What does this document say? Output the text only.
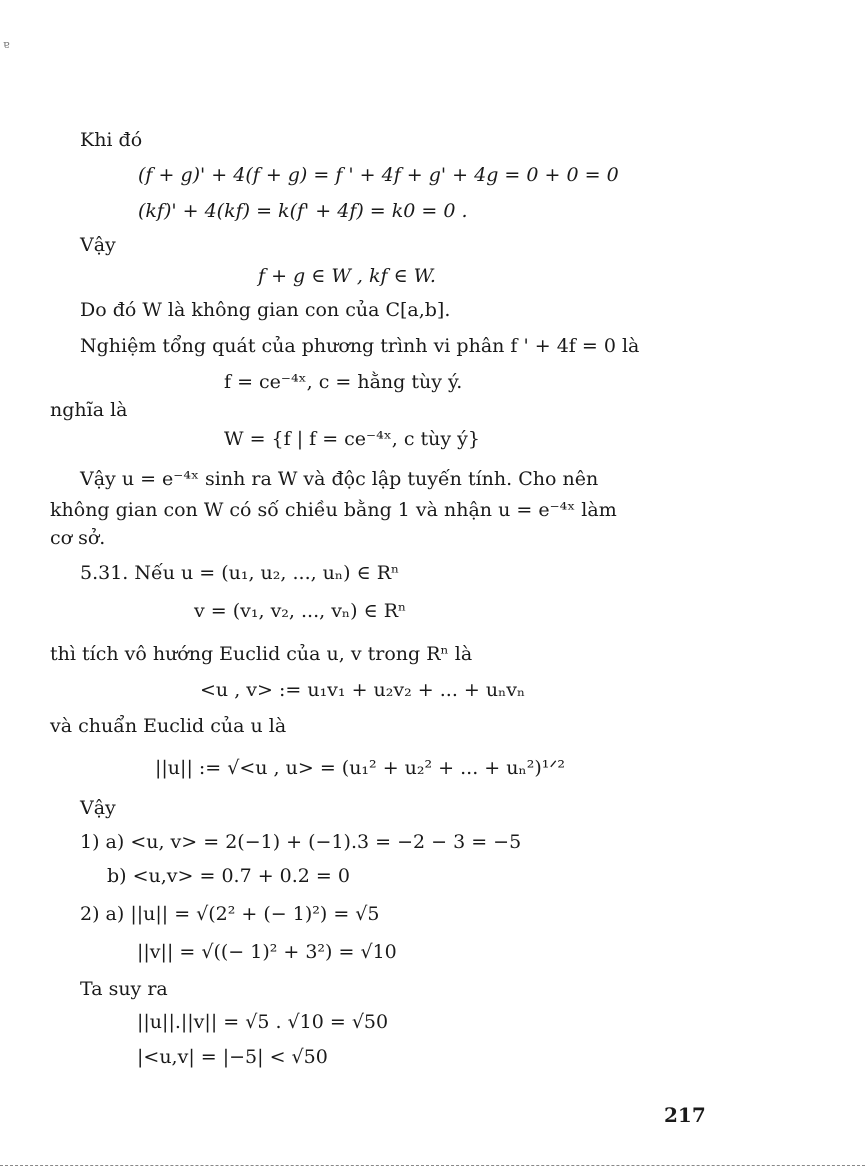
ɐ
Khi đó
(f + g)' + 4(f + g) = f ' + 4f + g' + 4g = 0 + 0 = 0
(kf)' + 4(kf) = k(f' + 4f) = k0 = 0 .
Vậy
f + g ∈ W , kf ∈ W.
Do đó W là không gian con của C[a,b].
Nghiệm tổng quát của phương trình vi phân f ' + 4f = 0 là
f = ce⁻⁴ˣ, c = hằng tùy ý.
nghĩa là
W = {f | f = ce⁻⁴ˣ, c tùy ý}
Vậy u = e⁻⁴ˣ sinh ra W và độc lập tuyến tính. Cho nên
không gian con W có số chiều bằng 1 và nhận u = e⁻⁴ˣ làm
cơ sở.
5.31. Nếu u = (u₁, u₂, ..., uₙ) ∈ Rⁿ
v = (v₁, v₂, ..., vₙ) ∈ Rⁿ
thì tích vô hướng Euclid của u, v trong Rⁿ là
<u , v> := u₁v₁ + u₂v₂ + ... + uₙvₙ
và chuẩn Euclid của u là
||u|| := √<u , u> = (u₁² + u₂² + ... + uₙ²)¹ᐟ²
Vậy
1) a) <u, v> = 2(−1) + (−1).3 = −2 − 3 = −5
b) <u,v> = 0.7 + 0.2 = 0
2) a) ||u|| = √(2² + (− 1)²) = √5
||v|| = √((− 1)² + 3²) = √10
Ta suy ra
||u||.||v|| = √5 . √10 = √50
|<u,v| = |−5| < √50
217
